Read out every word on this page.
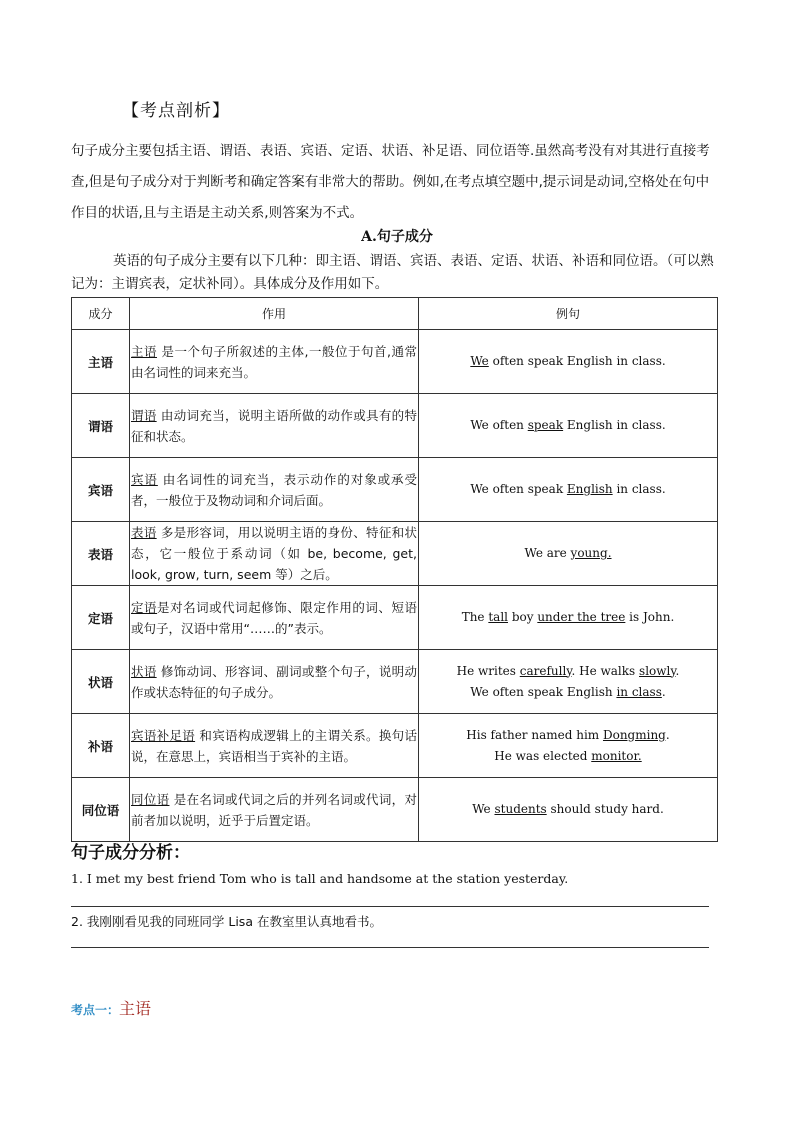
【考点剖析】
句子成分主要包括主语、谓语、表语、宾语、定语、状语、补足语、同位语等.虽然高考没有对其进行直接考查,但是句子成分对于判断考和确定答案有非常大的帮助。例如,在考点填空题中,提示词是动词,空格处在句中作目的状语,且与主语是主动关系,则答案为不式。
A.句子成分
英语的句子成分主要有以下几种：即主语、谓语、宾语、表语、定语、状语、补语和同位语。（可以熟记为：主谓宾表，定状补同）。具体成分及作用如下。
成分	作用	例句
主语	主语 是一个句子所叙述的主体,一般位于句首,通常由名词性的词来充当。	We often speak English in class.

谓语	谓语 由动词充当，说明主语所做的动作或具有的特征和状态。	We often speak English in class.

宾语	宾语 由名词性的词充当，表示动作的对象或承受者，一般位于及物动词和介词后面。	We often speak English in class.

表语	表语 多是形容词，用以说明主语的身份、特征和状态，它一般位于系动词（如 be, become, get, look, grow, turn, seem 等）之后。	We are young.

定语	定语是对名词或代词起修饰、限定作用的词、短语或句子，汉语中常用“……的”表示。	The tall boy under the tree is John.

状语	状语 修饰动词、形容词、副词或整个句子，说明动作或状态特征的句子成分。	He writes carefully. He walks slowly.
We often speak English in class.

补语	宾语补足语 和宾语构成逻辑上的主谓关系。换句话说，在意思上，宾语相当于宾补的主语。	His father named him Dongming.
He was elected monitor.

同位语	同位语 是在名词或代词之后的并列名词或代词，对前者加以说明，近乎于后置定语。	We students should study hard.
句子成分分析：
1. I met my best friend Tom who is tall and handsome at the station yesterday.
2. 我刚刚看见我的同班同学 Lisa 在教室里认真地看书。
考点一：主语
